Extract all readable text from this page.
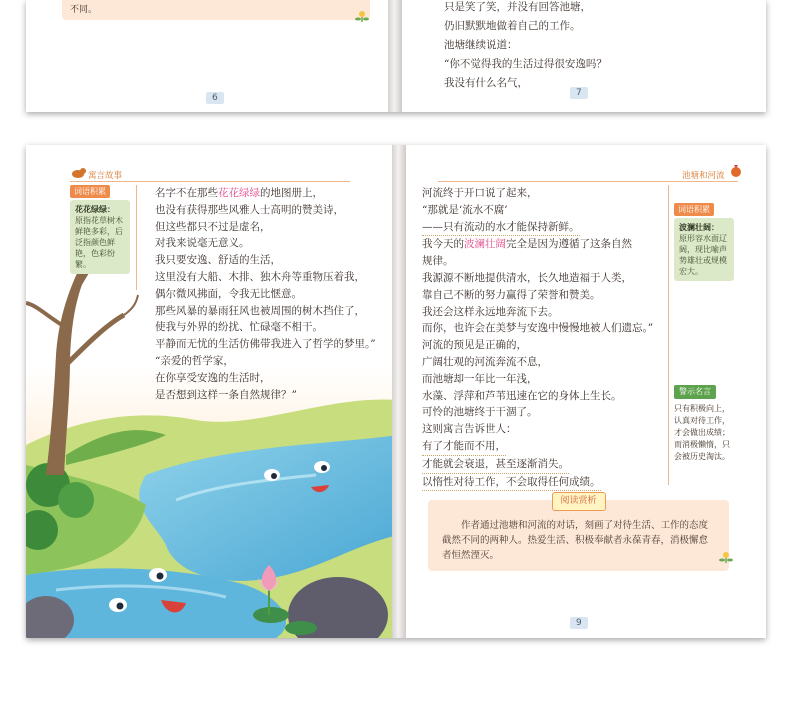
不同。
6

只是笑了笑，并没有回答池塘，

仍旧默默地做着自己的工作。

池塘继续说道：

“你不觉得我的生活过得很安逸吗？

我没有什么名气，

7
寓言故事
词语积累
花花绿绿：
原指花草树木鲜艳多彩，后泛指颜色鲜艳，色彩纷繁。

名字不在那些花花绿绿的地图册上，

也没有获得那些风雅人士高明的赞美诗，

但这些都只不过是虚名，

对我来说毫无意义。

我只要安逸、舒适的生活，

这里没有大船、木排、独木舟等重物压着我，

偶尔微风拂面，令我无比惬意。

那些风暴的暴雨狂风也被周围的树木挡住了，

使我与外界的纷扰、忙碌毫不相干。

平静而无忧的生活仿佛带我进入了哲学的梦里。”

“亲爱的哲学家，

在你享受安逸的生活时，

是否想到这样一条自然规律？”

池塘和河流

河流终于开口说了起来，

“那就是‘流水不腐’

——只有流动的水才能保持新鲜。

我今天的波澜壮阔完全是因为遵循了这条自然

规律。

我源源不断地提供清水，长久地造福于人类，

靠自己不断的努力赢得了荣誉和赞美。

我还会这样永远地奔流下去。

而你，也许会在美梦与安逸中慢慢地被人们遗忘。”

河流的预见是正确的，

广阔壮观的河流奔流不息，

而池塘却一年比一年浅，

水藻、浮萍和芦苇迅速在它的身体上生长。

可怜的池塘终于干涸了。

这则寓言告诉世人：

有了才能而不用，

才能就会衰退，甚至逐渐消失。

以惰性对待工作，不会取得任何成绩。

词语积累
波澜壮阔：
原形容水面辽阔，现比喻声势雄壮或规模宏大。
警示名言
只有积极向上，认真对待工作，才会做出成绩；而消极懒惰，只会被历史淘汰。
阅读赏析
作者通过池塘和河流的对话，刻画了对待生活、工作的态度截然不同的两种人。热爱生活、积极奉献者永葆青春，消极懈怠者恒然湮灭。
9
